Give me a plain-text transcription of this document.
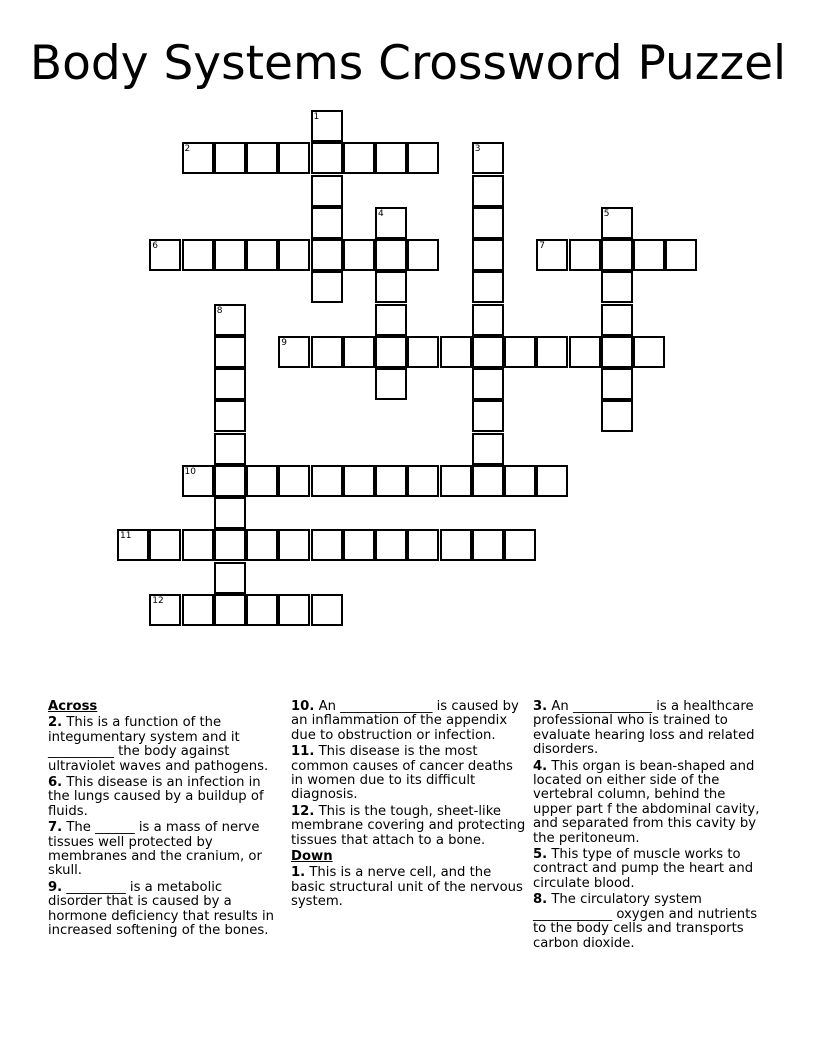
Body Systems Crossword Puzzel
1
2	3
4	5
6	7
8
9
10
11
12
Across

2. This is a function of the integumentary system and it __________ the body against ultraviolet waves and pathogens.

6. This disease is an infection in the lungs caused by a buildup of fluids.

7. The ______ is a mass of nerve tissues well protected by membranes and the cranium, or skull.

9. _________ is a metabolic disorder that is caused by a hormone deficiency that results in increased softening of the bones.

10. An ______________ is caused by an inflammation of the appendix due to obstruction or infection.

11. This disease is the most common causes of cancer deaths in women due to its difficult diagnosis.

12. This is the tough, sheet-like membrane covering and protecting tissues that attach to a bone.

Down

1. This is a nerve cell, and the basic structural unit of the nervous system.

3. An ____________ is a healthcare professional who is trained to evaluate hearing loss and related disorders.

4. This organ is bean-shaped and located on either side of the vertebral column, behind the upper part f the abdominal cavity, and separated from this cavity by the peritoneum.

5. This type of muscle works to contract and pump the heart and circulate blood.

8. The circulatory system ____________ oxygen and nutrients to the body cells and transports carbon dioxide.
